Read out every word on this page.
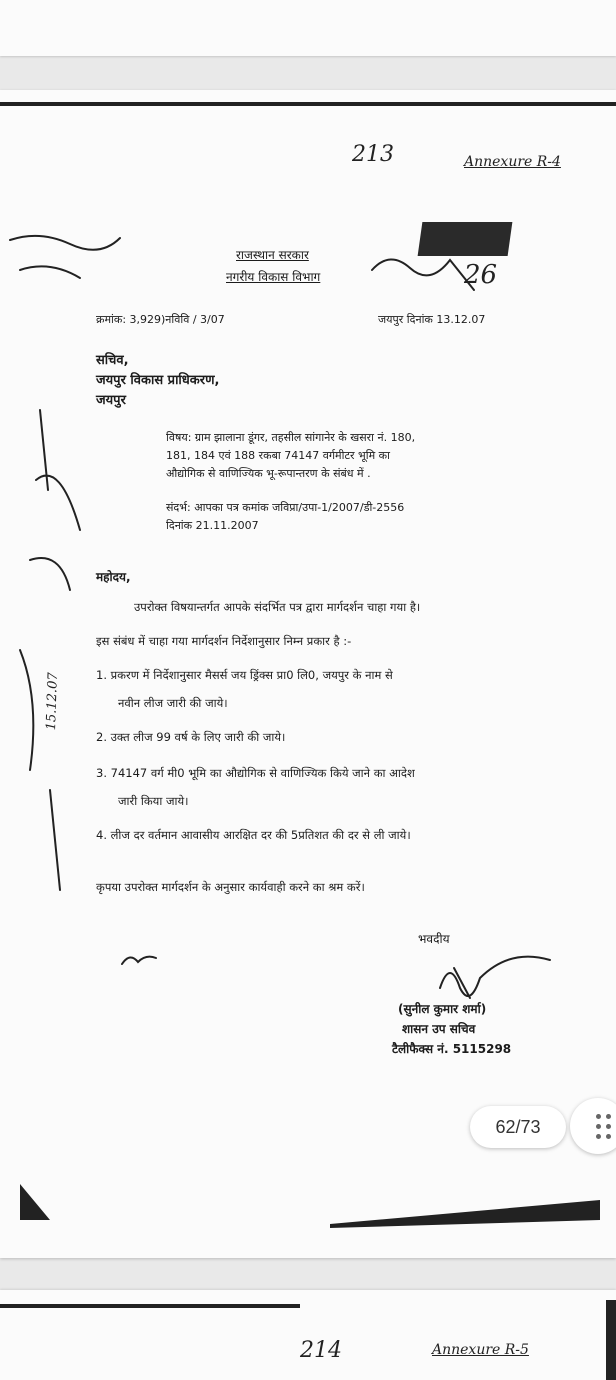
213	Annexure R-4
26
राजस्थान सरकार
नगरीय विकास विभाग
15.12.07
क्रमांक: 3,929)नविवि / 3/07	जयपुर दिनांक 13.12.07
सचिव,
जयपुर विकास प्राधिकरण,
जयपुर
विषय: ग्राम झालाना डूंगर, तहसील सांगानेर के खसरा नं. 180,
181, 184 एवं 188 रकबा 74147 वर्गमीटर भूमि का
औद्योगिक से वाणिज्यिक भू-रूपान्तरण के संबंध में .
संदर्भ: आपका पत्र कमांक जविप्रा/उपा-1/2007/डी-2556
दिनांक 21.11.2007
महोदय,
उपरोक्त विषयान्तर्गत आपके संदर्भित पत्र द्वारा मार्गदर्शन चाहा गया है।
इस संबंध में चाहा गया मार्गदर्शन निर्देशानुसार निम्न प्रकार है :-
1. प्रकरण में निर्देशानुसार मैसर्स जय ड्रिंक्स प्रा0 लि0, जयपुर के नाम से
नवीन लीज जारी की जाये।
2. उक्त लीज 99 वर्ष के लिए जारी की जाये।
3. 74147 वर्ग मी0 भूमि का औद्योगिक से वाणिज्यिक किये जाने का आदेश
जारी किया जाये।
4. लीज दर वर्तमान आवासीय आरक्षित दर की 5प्रतिशत की दर से ली जाये।
कृपया उपरोक्त मार्गदर्शन के अनुसार कार्यवाही करने का श्रम करें।
भवदीय
(सुनील कुमार शर्मा)
शासन उप सचिव
टैलीफैक्स नं. 5115298
62/73
214	Annexure R-5
